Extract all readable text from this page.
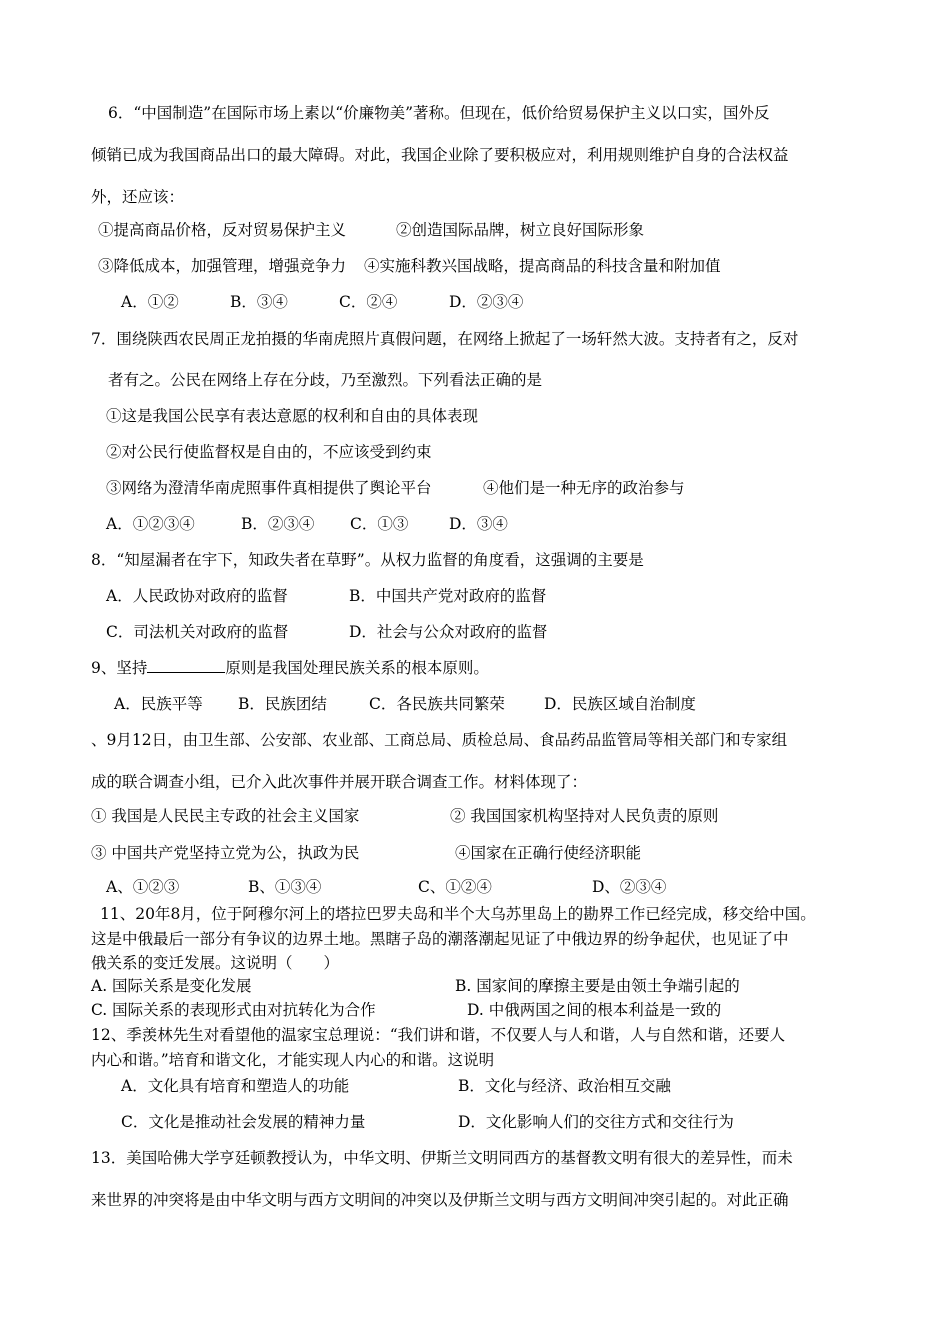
6．“中国制造”在国际市场上素以“价廉物美”著称。但现在，低价给贸易保护主义以口实，国外反
倾销已成为我国商品出口的最大障碍。对此，我国企业除了要积极应对，利用规则维护自身的合法权益
外，还应该：
①提高商品价格，反对贸易保护主义	②创造国际品牌，树立良好国际形象
③降低成本，加强管理，增强竞争力 ④实施科教兴国战略，提高商品的科技含量和附加值
A．①②	B．③④	C．②④	D．②③④
7．围绕陕西农民周正龙拍摄的华南虎照片真假问题，在网络上掀起了一场轩然大波。支持者有之，反对
者有之。公民在网络上存在分歧，乃至激烈。下列看法正确的是
①这是我国公民享有表达意愿的权利和自由的具体表现
②对公民行使监督权是自由的，不应该受到约束
③网络为澄清华南虎照事件真相提供了舆论平台	④他们是一种无序的政治参与
A．①②③④	B．②③④ C．①③	D．③④
8．“知屋漏者在宇下，知政失者在草野”。从权力监督的角度看，这强调的主要是
A．人民政协对政府的监督	B．中国共产党对政府的监督
C．司法机关对政府的监督	D．社会与公众对政府的监督
9、坚持	原则是我国处理民族关系的根本原则。
A．民族平等 B．民族团结	C．各民族共同繁荣	D．民族区域自治制度
、9月12日，由卫生部、公安部、农业部、工商总局、质检总局、食品药品监管局等相关部门和专家组
成的联合调查小组，已介入此次事件并展开联合调查工作。材料体现了：
① 我国是人民民主专政的社会主义国家	② 我国国家机构坚持对人民负责的原则
③ 中国共产党坚持立党为公，执政为民	④国家在正确行使经济职能
A、①②③	B、①③④	C、①②④	D、②③④
11、20年8月，位于阿穆尔河上的塔拉巴罗夫岛和半个大乌苏里岛上的勘界工作已经完成，移交给中国。
这是中俄最后一部分有争议的边界土地。黑瞎子岛的潮落潮起见证了中俄边界的纷争起伏，也见证了中
俄关系的变迁发展。这说明（　　）
A. 国际关系是变化发展	B. 国家间的摩擦主要是由领土争端引起的
C. 国际关系的表现形式由对抗转化为合作	D. 中俄两国之间的根本利益是一致的
12、季羡林先生对看望他的温家宝总理说：“我们讲和谐，不仅要人与人和谐，人与自然和谐，还要人
内心和谐。”培育和谐文化，才能实现人内心的和谐。这说明
A．文化具有培育和塑造人的功能	B．文化与经济、政治相互交融
C．文化是推动社会发展的精神力量	D．文化影响人们的交往方式和交往行为
13．美国哈佛大学亨廷顿教授认为，中华文明、伊斯兰文明同西方的基督教文明有很大的差异性，而未
来世界的冲突将是由中华文明与西方文明间的冲突以及伊斯兰文明与西方文明间冲突引起的。对此正确
